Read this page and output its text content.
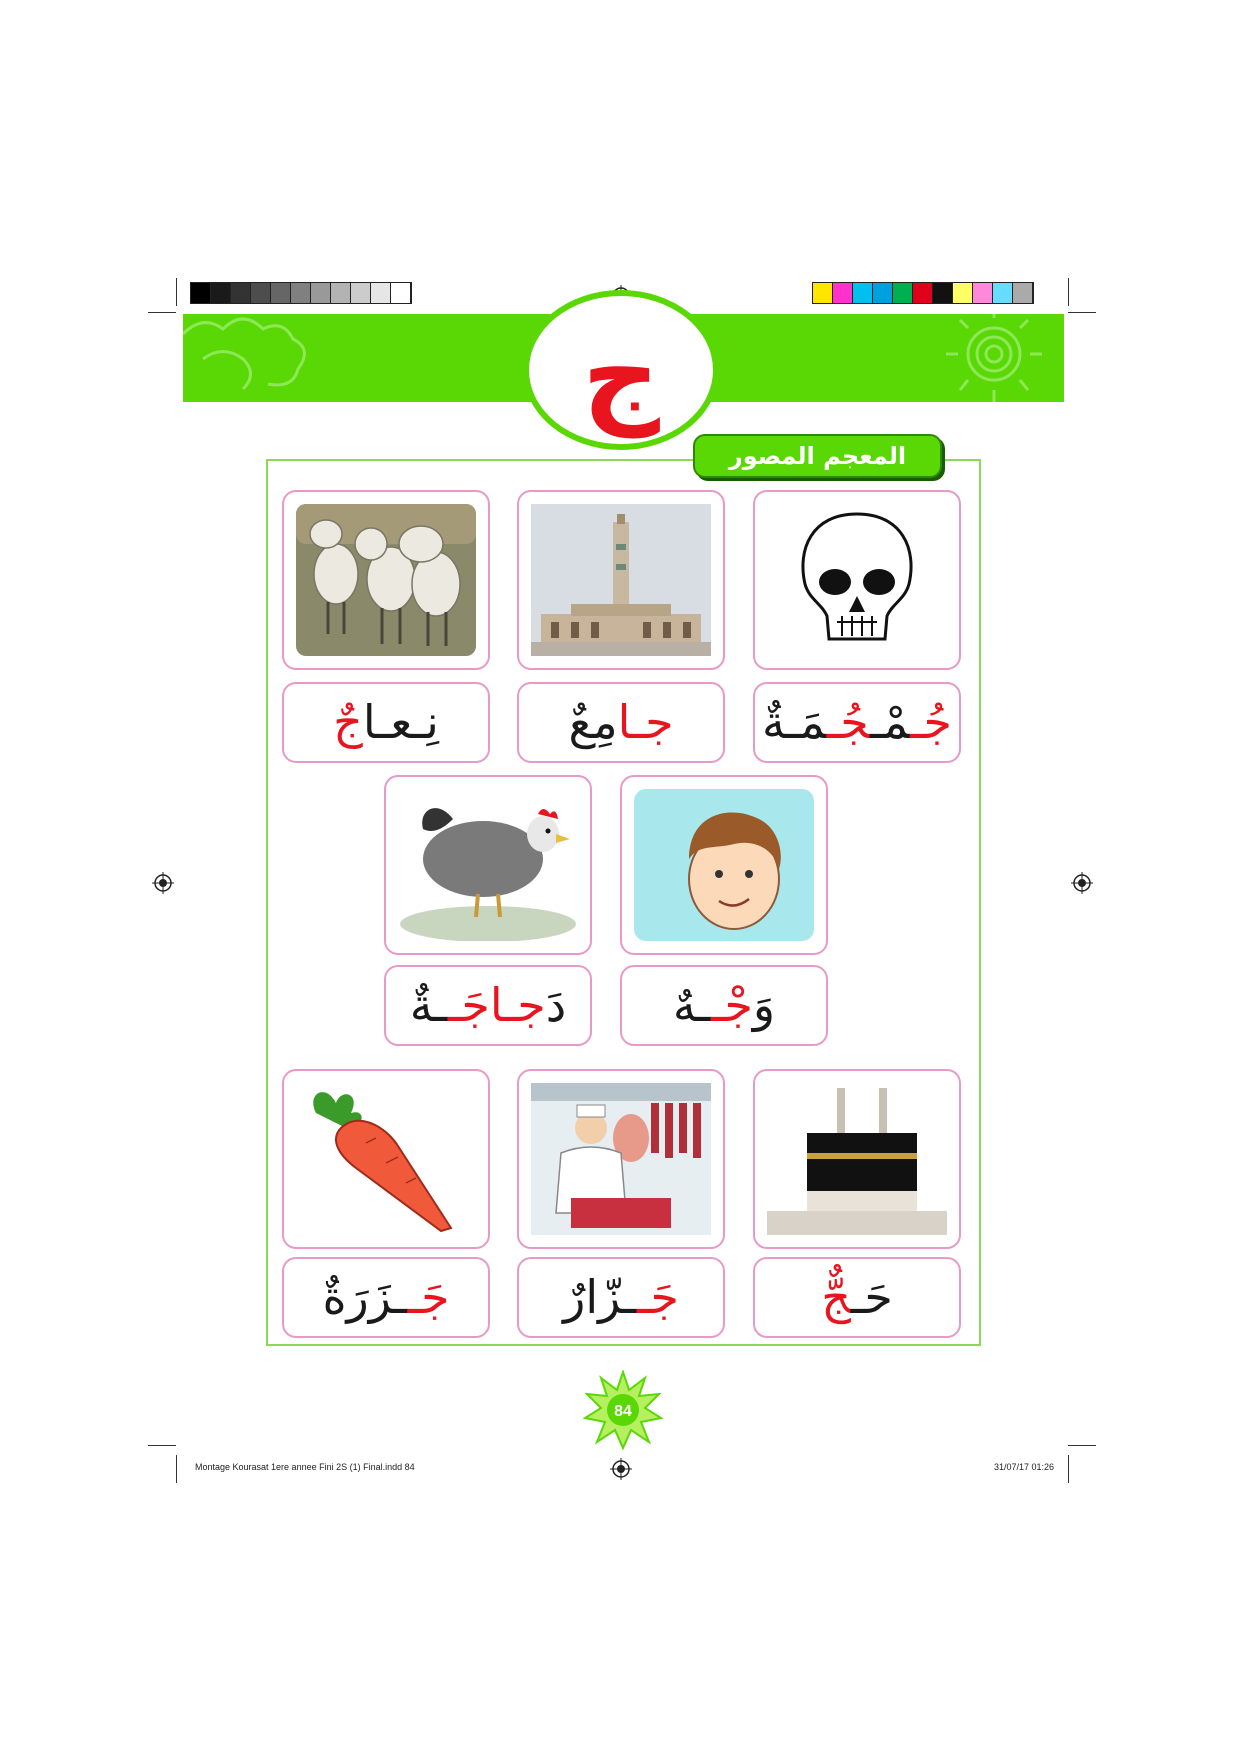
ج
المعجم المصور
جُـمْـجُـمَـةٌ
جـامِعٌ
نِـعـاجٌ
وَجْــهٌ
دَجـاجَــةٌ
حَـجٌّ
جَــزّارٌ
جَــزَرَةٌ
84
Montage Kourasat 1ere annee Fini 2S (1) Final.indd 84	31/07/17 01:26
